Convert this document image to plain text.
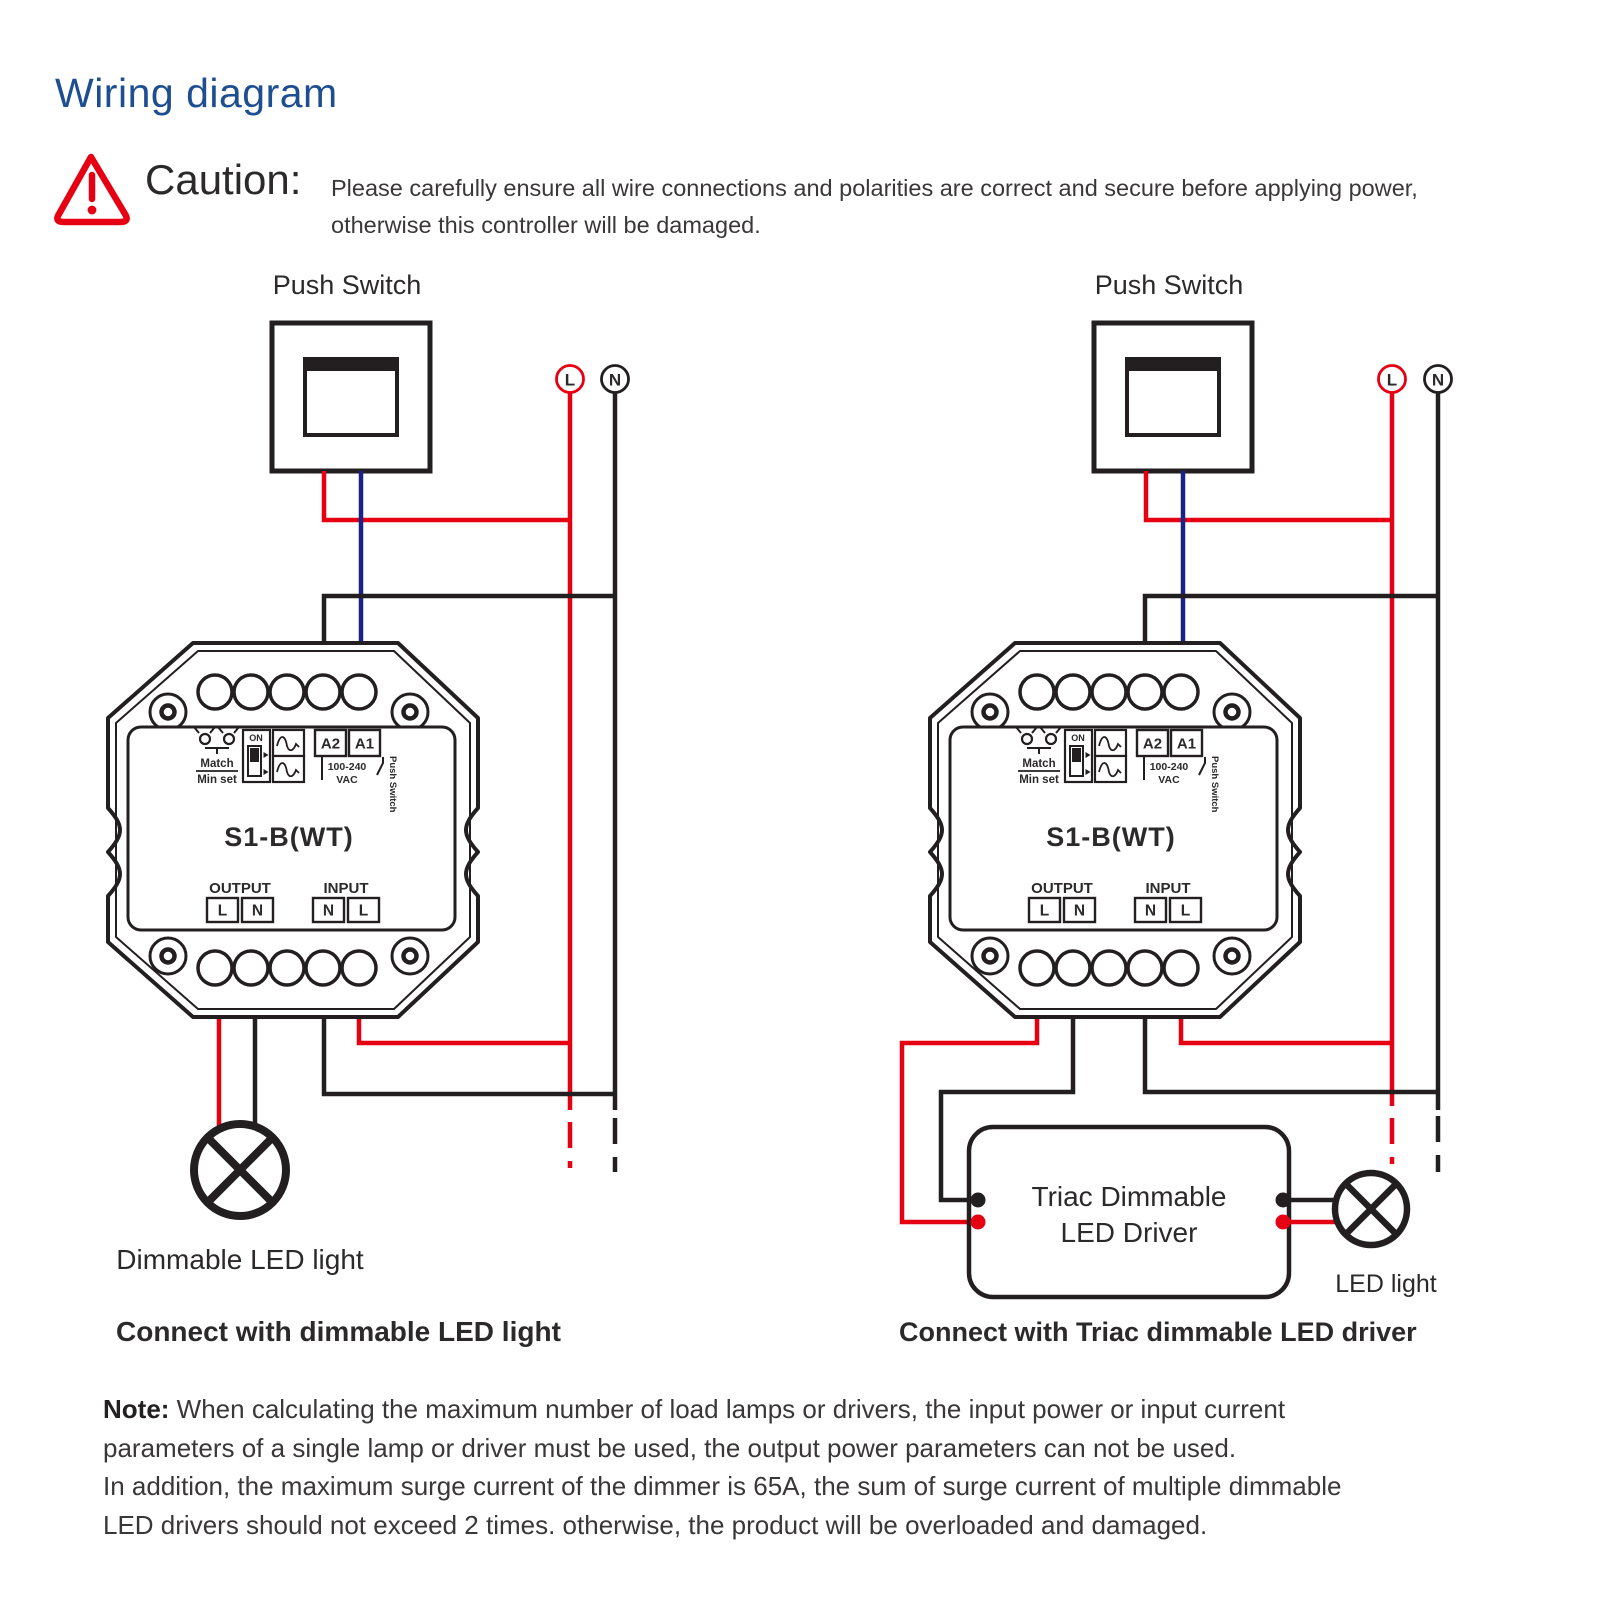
Wiring diagram
Caution: Please carefully ensure all wire connections and polarities are correct and secure before applying power,
otherwise this controller will be damaged.
Push Switch
L N
Dimmable LED light
Connect with dimmable LED light
Push Switch
L N
Triac Dimmable
LED Driver
LED light
Connect with Triac dimmable LED driver
Match
Min set
ON	A2 A1
100-240
VAC	Push Switch
S1-B(WT)
OUTPUT	INPUT
L N	N L
Match
Min set
ON	A2 A1
100-240
VAC	Push Switch
S1-B(WT)
OUTPUT	INPUT
L N	N L
Note: When calculating the maximum number of load lamps or drivers, the input power or input current
parameters of a single lamp or driver must be used, the output power parameters can not be used.
In addition, the maximum surge current of the dimmer is 65A, the sum of surge current of multiple dimmable
LED drivers should not exceed 2 times. otherwise, the product will be overloaded and damaged.
